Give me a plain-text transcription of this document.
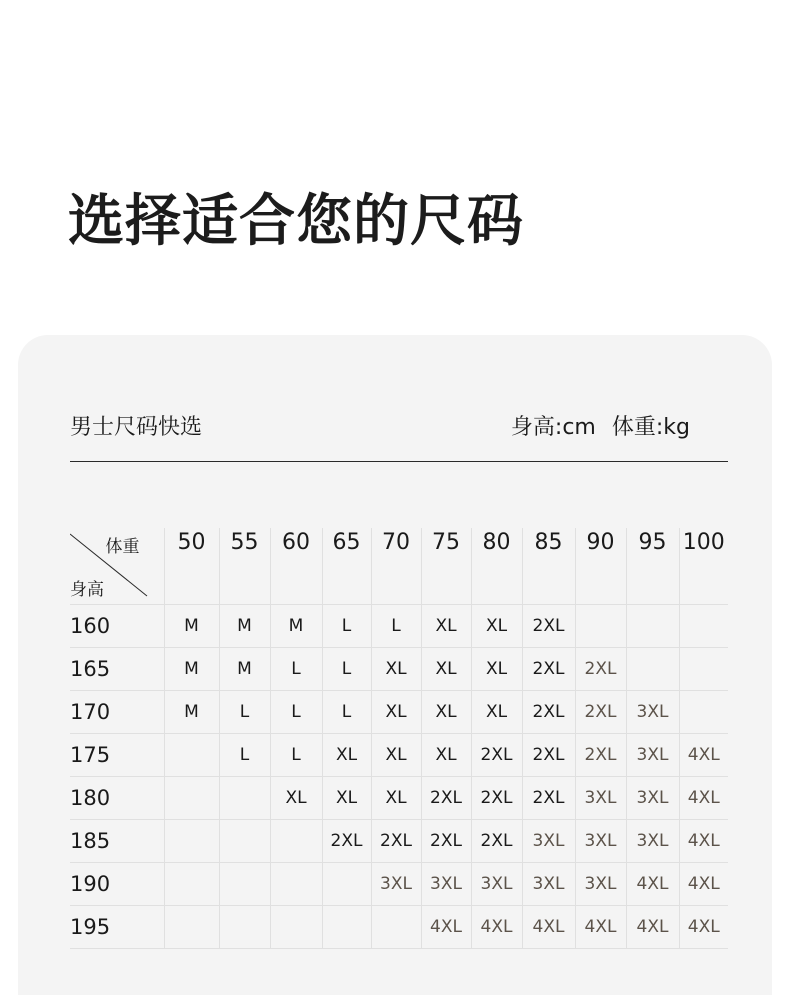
选择适合您的尺码
男士尺码快选	身高:cm 体重:kg
体重
身高	50	55	60	65	70	75	80	85	90	95	100
160	M	M	M	L	L	XL	XL	2XL			
165	M	M	L	L	XL	XL	XL	2XL	2XL		
170	M	L	L	L	XL	XL	XL	2XL	2XL	3XL	
175		L	L	XL	XL	XL	2XL	2XL	2XL	3XL	4XL
180			XL	XL	XL	2XL	2XL	2XL	3XL	3XL	4XL
185				2XL	2XL	2XL	2XL	3XL	3XL	3XL	4XL
190					3XL	3XL	3XL	3XL	3XL	4XL	4XL
195						4XL	4XL	4XL	4XL	4XL	4XL
